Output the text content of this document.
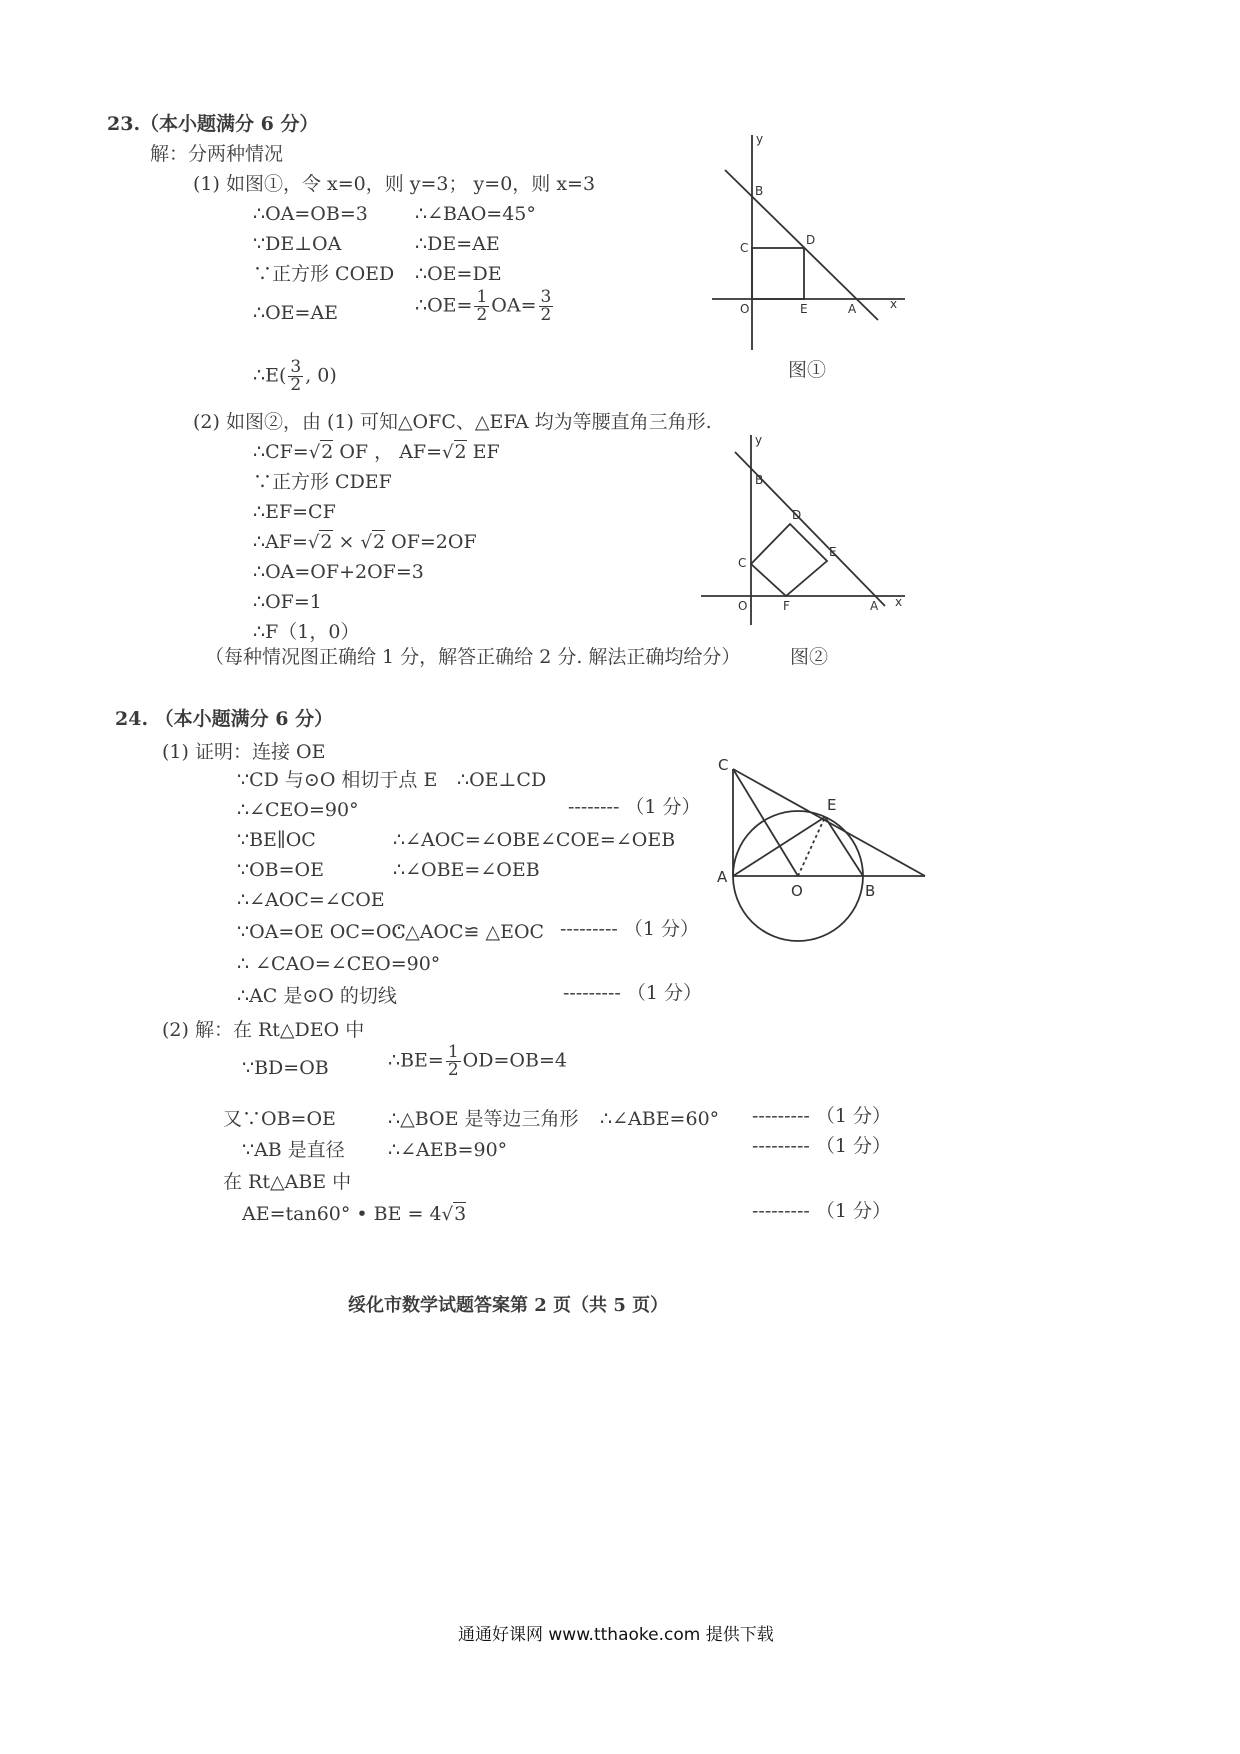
23.（本小题满分 6 分）
解：分两种情况
(1) 如图①，令 x=0，则 y=3； y=0，则 x=3
∴OA=OB=3 ∴∠BAO=45°
∵DE⊥OA	∴DE=AE
∵正方形 COED ∴OE=DE
∴OE=AE	∴OE= $\frac{1}{2} OA= \frac{3}{2}$
∴E( $\frac{3}{2}$ , 0)
(2) 如图②，由 (1) 可知△OFC、△EFA 均为等腰直角三角形.
∴CF=√2 OF ， AF=√2 EF
∵正方形 CDEF
∴EF=CF
∴AF=√2 × √2 OF=2OF
∴OA=OF+2OF=3
∴OF=1
∴F（1，0）
（每种情况图正确给 1 分，解答正确给 2 分. 解法正确均给分）	图②
图①
y
x
B
C
D
O	E	A
y
x
B
D
C
E
O	F	A
24. （本小题满分 6 分）
(1) 证明：连接 OE
∵CD 与⊙O 相切于点 E ∴OE⊥CD
∴∠CEO=90°	-------- （1 分）
∵BE∥OC	∴∠AOC=∠OBE ∠COE=∠OEB
∵OB=OE	∴∠OBE=∠OEB
∴∠AOC=∠COE
∵OA=OE OC=OC
∴△AOC≌ △EOC --------- （1 分）
∴ ∠CAO=∠CEO=90°
∴AC 是⊙O 的切线	--------- （1 分）
(2) 解：在 Rt△DEO 中
∵BD=OB	∴BE= $\frac{1}{2} OD=OB=4$
又∵OB=OE	∴△BOE 是等边三角形 ∴∠ABE=60° --------- （1 分）
∵AB 是直径 ∴∠AEB=90°	--------- （1 分）
在 Rt△ABE 中
AE=tan60° • BE = 4√3	--------- （1 分）
C
E
A
O	B
绥化市数学试题答案第 2 页（共 5 页）
通通好课网 www.tthaoke.com 提供下载
